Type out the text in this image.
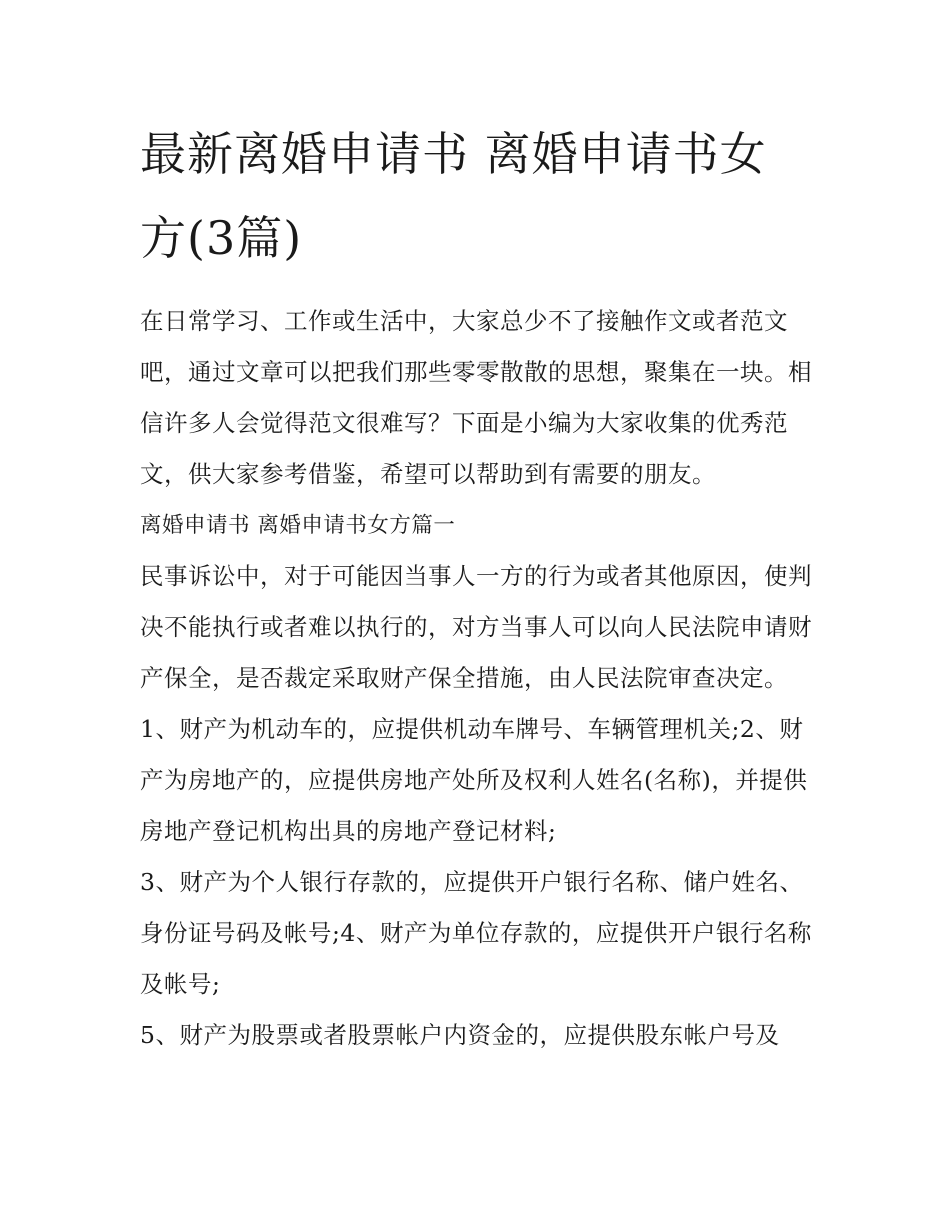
最新离婚申请书 离婚申请书女方(3篇)

在日常学习、工作或生活中，大家总少不了接触作文或者范文吧，通过文章可以把我们那些零零散散的思想，聚集在一块。相信许多人会觉得范文很难写？下面是小编为大家收集的优秀范文，供大家参考借鉴，希望可以帮助到有需要的朋友。

离婚申请书 离婚申请书女方篇一

民事诉讼中，对于可能因当事人一方的行为或者其他原因，使判决不能执行或者难以执行的，对方当事人可以向人民法院申请财产保全，是否裁定采取财产保全措施，由人民法院审查决定。

1、财产为机动车的，应提供机动车牌号、车辆管理机关;2、财产为房地产的，应提供房地产处所及权利人姓名(名称)，并提供房地产登记机构出具的房地产登记材料;

3、财产为个人银行存款的，应提供开户银行名称、储户姓名、身份证号码及帐号;4、财产为单位存款的，应提供开户银行名称及帐号;

5、财产为股票或者股票帐户内资金的，应提供股东帐户号及
